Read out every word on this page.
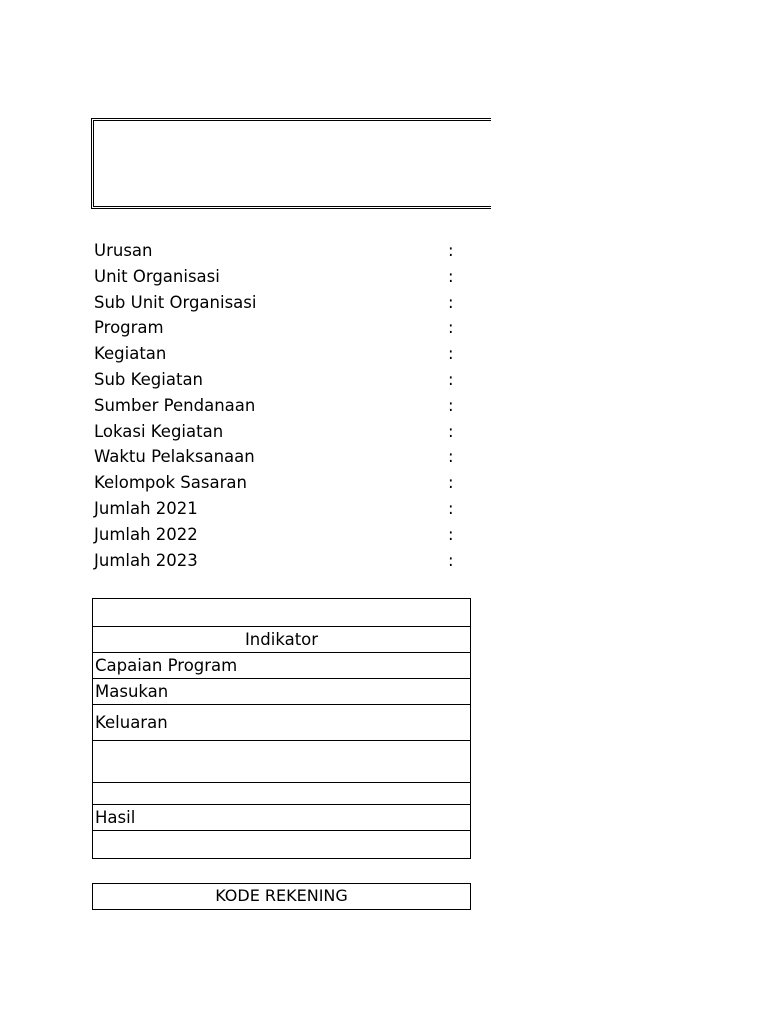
Urusan	:
Unit Organisasi	:
Sub Unit Organisasi	:
Program	:
Kegiatan	:
Sub Kegiatan	:
Sumber Pendanaan	:
Lokasi Kegiatan	:
Waktu Pelaksanaan	:
Kelompok Sasaran	:
Jumlah 2021	:
Jumlah 2022	:
Jumlah 2023	:

Indikator
Capaian Program
Masukan
Keluaran

Hasil

KODE REKENING
